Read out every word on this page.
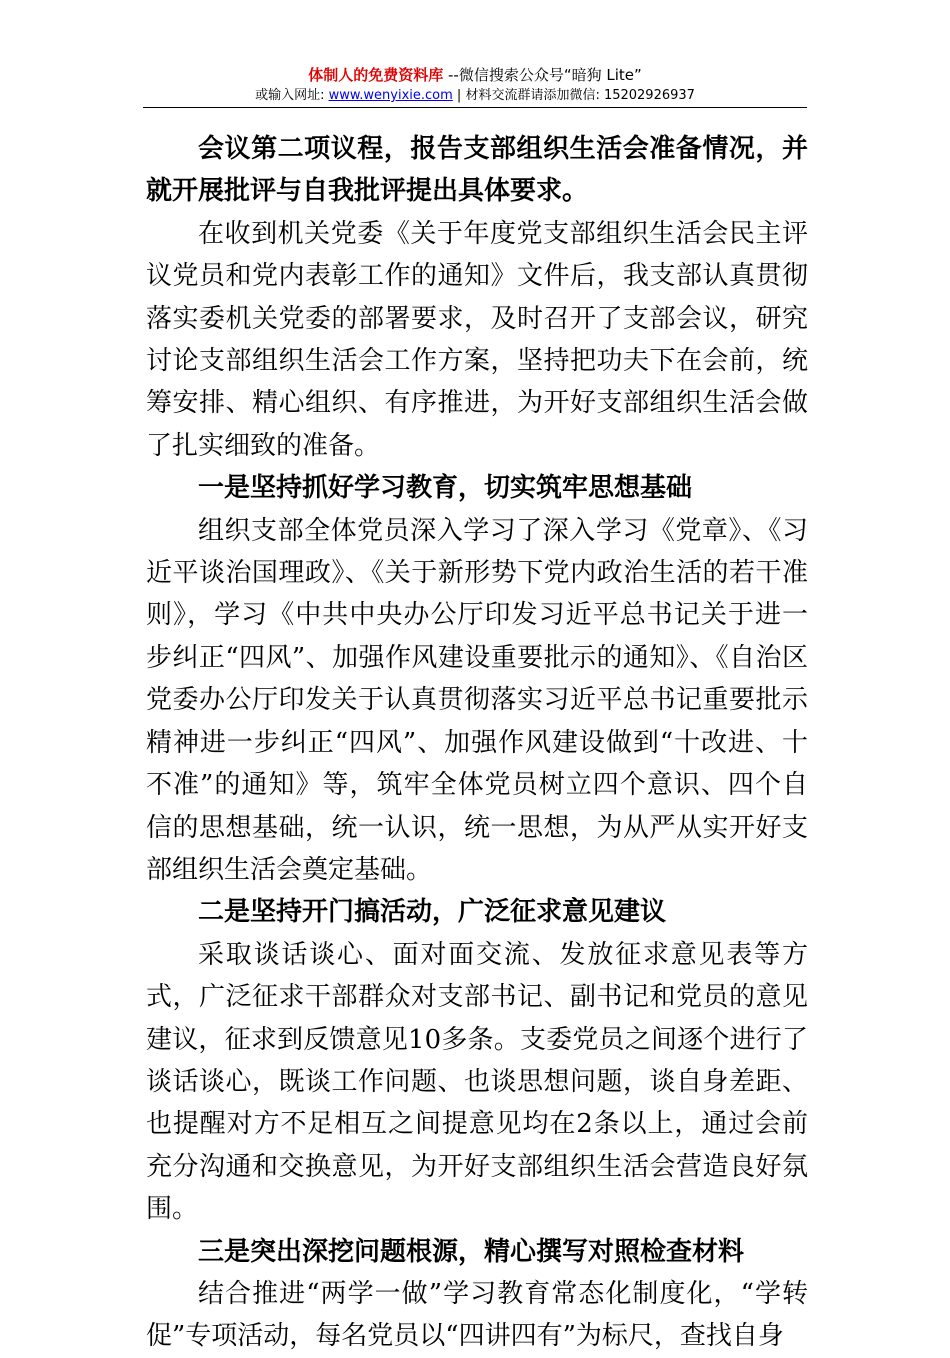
体制人的免费资料库 --微信搜索公众号“暗狗 Lite”
或输入网址: www.wenyixie.com | 材料交流群请添加微信: 15202926937

会议第二项议程，报告支部组织生活会准备情况，并就开展批评与自我批评提出具体要求。

在收到机关党委《关于年度党支部组织生活会民主评议党员和党内表彰工作的通知》文件后，我支部认真贯彻落实委机关党委的部署要求，及时召开了支部会议，研究讨论支部组织生活会工作方案，坚持把功夫下在会前，统筹安排、精心组织、有序推进，为开好支部组织生活会做了扎实细致的准备。

一是坚持抓好学习教育，切实筑牢思想基础

组织支部全体党员深入学习了深入学习《党章》、《习近平谈治国理政》、《关于新形势下党内政治生活的若干准则》，学习《中共中央办公厅印发习近平总书记关于进一步纠正“四风”、加强作风建设重要批示的通知》、《自治区党委办公厅印发关于认真贯彻落实习近平总书记重要批示精神进一步纠正“四风”、加强作风建设做到“十改进、十不准”的通知》等，筑牢全体党员树立四个意识、四个自信的思想基础，统一认识，统一思想，为从严从实开好支部组织生活会奠定基础。

二是坚持开门搞活动，广泛征求意见建议

采取谈话谈心、面对面交流、发放征求意见表等方式，广泛征求干部群众对支部书记、副书记和党员的意见建议，征求到反馈意见10多条。支委党员之间逐个进行了谈话谈心，既谈工作问题、也谈思想问题，谈自身差距、也提醒对方不足相互之间提意见均在2条以上，通过会前充分沟通和交换意见，为开好支部组织生活会营造良好氛围。

三是突出深挖问题根源，精心撰写对照检查材料

结合推进“两学一做”学习教育常态化制度化，“学转促”专项活动，每名党员以“四讲四有”为标尺，查找自身
